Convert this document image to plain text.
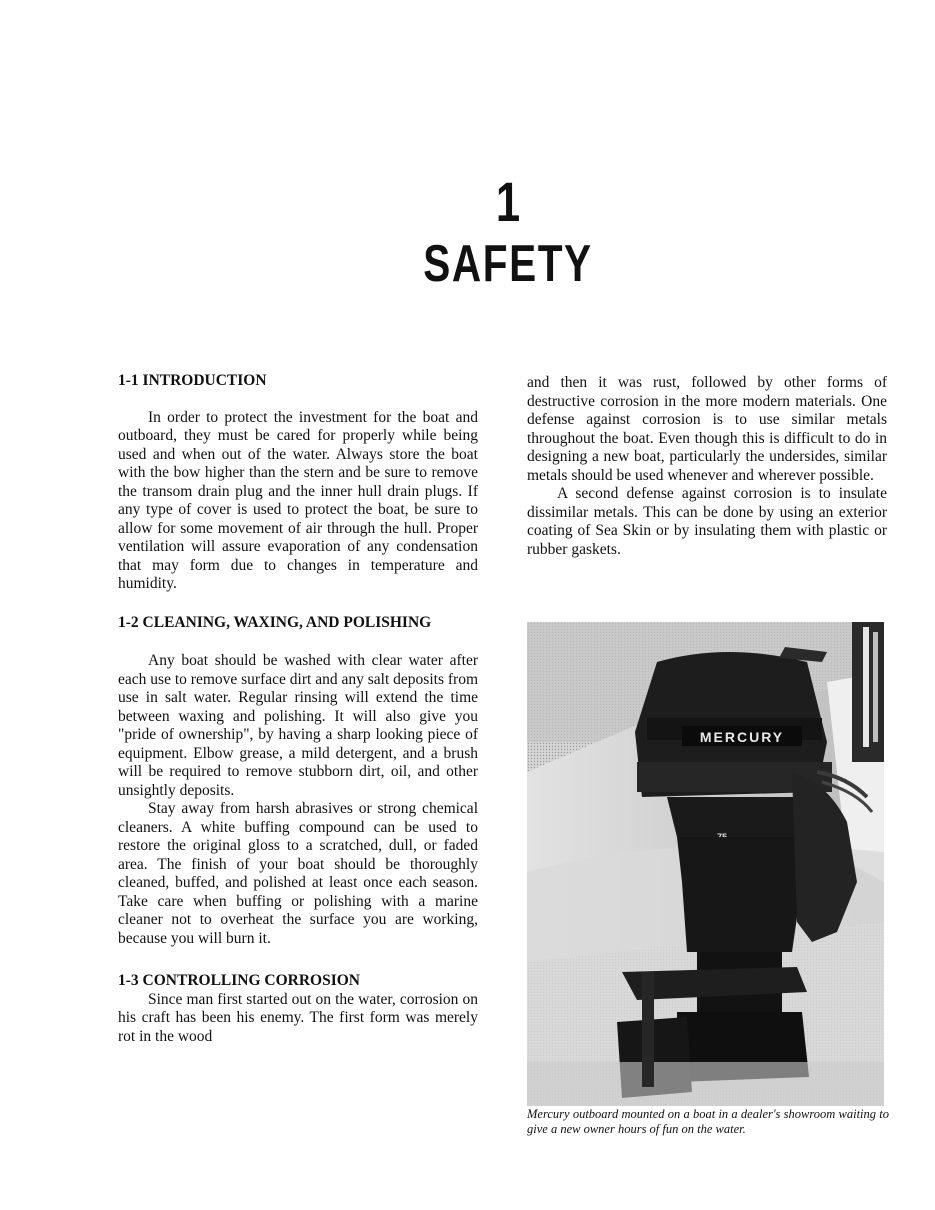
1
SAFETY
1-1 INTRODUCTION

In order to protect the investment for the boat and outboard, they must be cared for properly while being used and when out of the water. Always store the boat with the bow higher than the stern and be sure to remove the transom drain plug and the inner hull drain plugs. If any type of cover is used to protect the boat, be sure to allow for some movement of air through the hull. Proper ventilation will assure evaporation of any condensation that may form due to changes in temperature and humidity.

1-2 CLEANING, WAXING, AND POLISHING

Any boat should be washed with clear water after each use to remove surface dirt and any salt deposits from use in salt water. Regular rinsing will extend the time between waxing and polishing. It will also give you "pride of ownership", by having a sharp looking piece of equipment. Elbow grease, a mild detergent, and a brush will be required to remove stubborn dirt, oil, and other unsightly deposits.

Stay away from harsh abrasives or strong chemical cleaners. A white buffing compound can be used to restore the original gloss to a scratched, dull, or faded area. The finish of your boat should be thoroughly cleaned, buffed, and polished at least once each season. Take care when buffing or polishing with a marine cleaner not to overheat the surface you are working, because you will burn it.

1-3 CONTROLLING CORROSION

Since man first started out on the water, corrosion on his craft has been his enemy. The first form was merely rot in the wood

and then it was rust, followed by other forms of destructive corrosion in the more modern materials. One defense against corrosion is to use similar metals throughout the boat. Even though this is difficult to do in designing a new boat, particularly the undersides, similar metals should be used whenever and wherever possible.

A second defense against corrosion is to insulate dissimilar metals. This can be done by using an exterior coating of Sea Skin or by insulating them with plastic or rubber gaskets.

MERCURY
Mercury outboard mounted on a boat in a dealer's showroom waiting to give a new owner hours of fun on the water.
